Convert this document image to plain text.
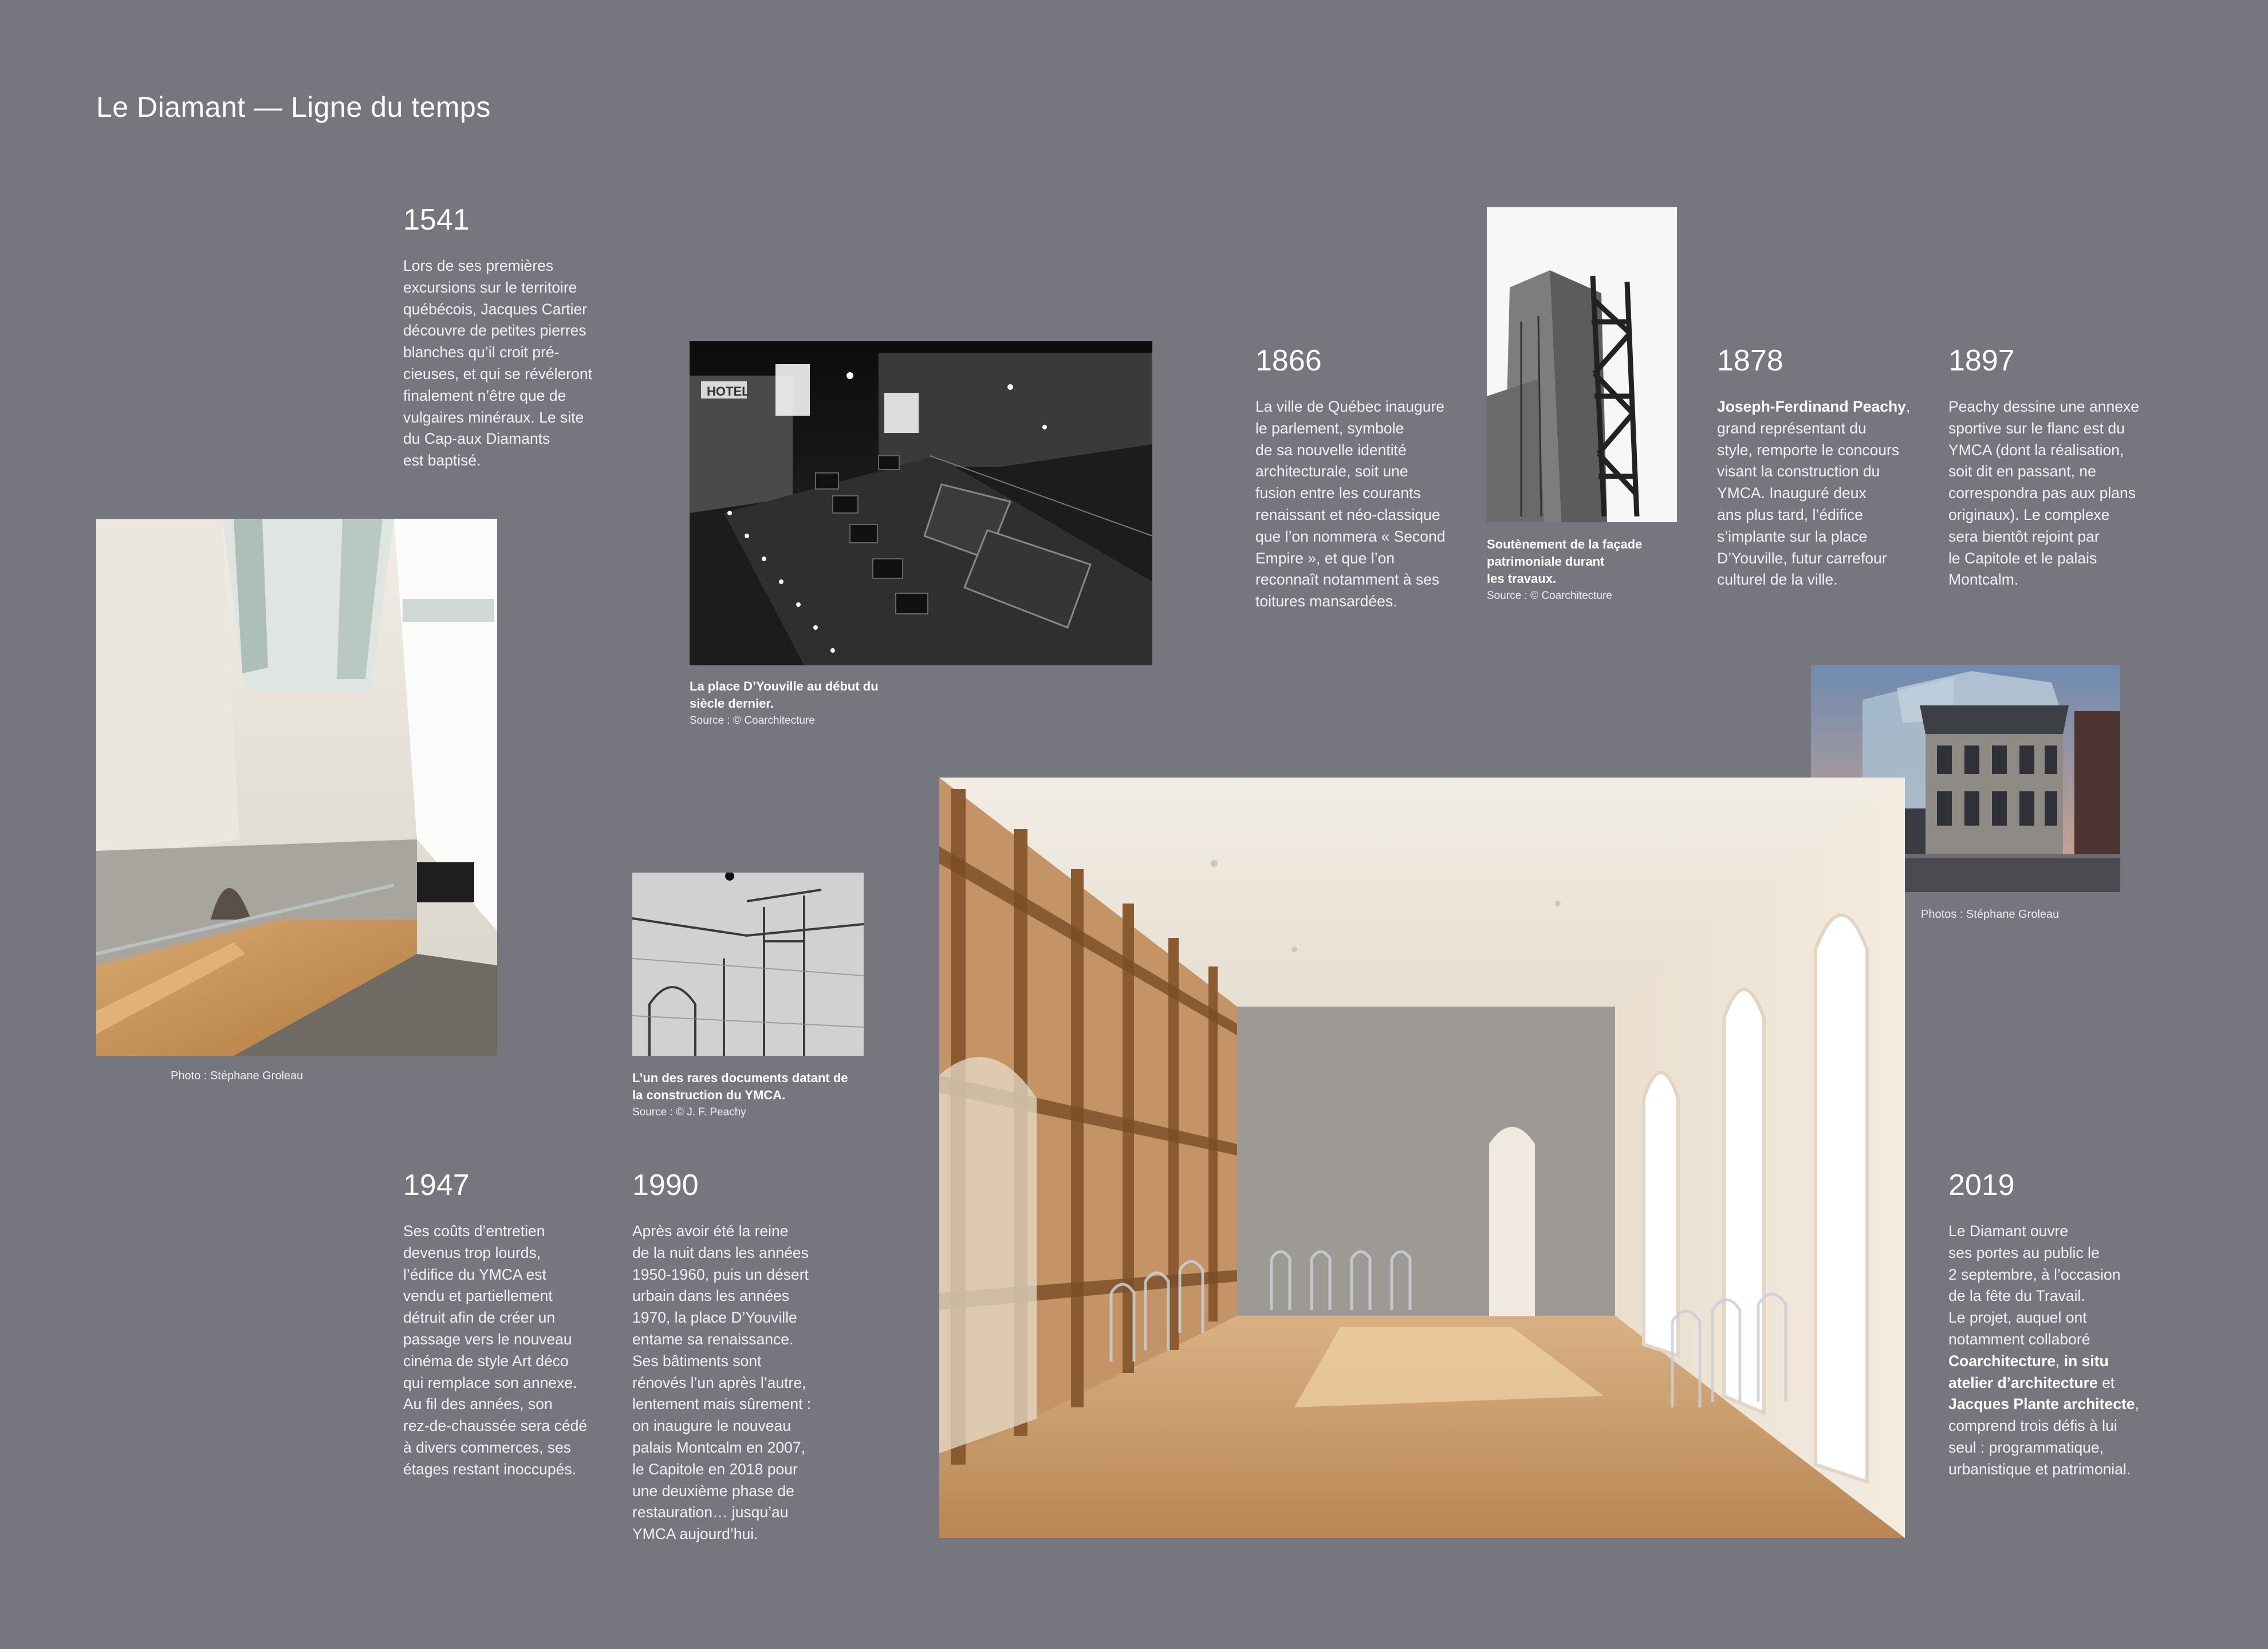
Le Diamant — Ligne du temps
1541
Lors de ses premières
excursions sur le territoire
québécois, Jacques Cartier
découvre de petites pierres
blanches qu’il croit pré-
cieuses, et qui se révéleront
finalement n’être que de
vulgaires minéraux. Le site
du Cap-aux Diamants
est baptisé.
1866
La ville de Québec inaugure
le parlement, symbole
de sa nouvelle identité
architecturale, soit une
fusion entre les courants
renaissant et néo-classique
que l’on nommera « Second
Empire », et que l’on
reconnaît notamment à ses
toitures mansardées.
1878
Joseph-Ferdinand Peachy,
grand représentant du
style, remporte le concours
visant la construction du
YMCA. Inauguré deux
ans plus tard, l’édifice
s’implante sur la place
D’Youville, futur carrefour
culturel de la ville.
1897
Peachy dessine une annexe
sportive sur le flanc est du
YMCA (dont la réalisation,
soit dit en passant, ne
correspondra pas aux plans
originaux). Le complexe
sera bientôt rejoint par
le Capitole et le palais
Montcalm.
1947
Ses coûts d’entretien
devenus trop lourds,
l’édifice du YMCA est
vendu et partiellement
détruit afin de créer un
passage vers le nouveau
cinéma de style Art déco
qui remplace son annexe.
Au fil des années, son
rez-de-chaussée sera cédé
à divers commerces, ses
étages restant inoccupés.
1990
Après avoir été la reine
de la nuit dans les années
1950-1960, puis un désert
urbain dans les années
1970, la place D’Youville
entame sa renaissance.
Ses bâtiments sont
rénovés l’un après l’autre,
lentement mais sûrement :
on inaugure le nouveau
palais Montcalm en 2007,
le Capitole en 2018 pour
une deuxième phase de
restauration… jusqu’au
YMCA aujourd’hui.
2019
Le Diamant ouvre
ses portes au public le
2 septembre, à l’occasion
de la fête du Travail.
Le projet, auquel ont
notamment collaboré
Coarchitecture, in situ
atelier d’architecture et
Jacques Plante architecte,
comprend trois défis à lui
seul : programmatique,
urbanistique et patrimonial.
Photo : Stéphane Groleau
HOTEL
La place D’Youville au début du
siècle dernier.
Source : © Coarchitecture
Soutènement de la façade
patrimoniale durant
les travaux.
Source : © Coarchitecture
L’un des rares documents datant de
la construction du YMCA.
Source : © J. F. Peachy
Photos : Stéphane Groleau
